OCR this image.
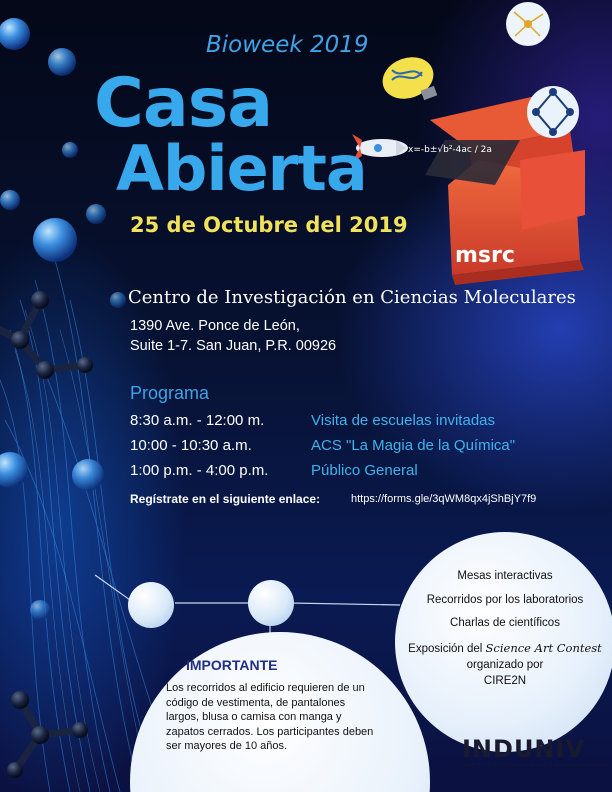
msrc
x=-b±√b²-4ac / 2a
Bioweek 2019
Casa
Abierta
25 de Octubre del 2019
Centro de Investigación en Ciencias Moleculares
1390 Ave. Ponce de León,
Suite 1-7. San Juan, P.R. 00926
Programa
8:30 a.m. - 12:00 m.	Visita de escuelas invitadas
10:00 - 10:30 a.m.	ACS "La Magia de la Química"
1:00 p.m. - 4:00 p.m.	Público General
Regístrate en el siguiente enlace:	https://forms.gle/3qWM8qx4jShBjY7f9
Mesas interactivas
Recorridos por los laboratorios
Charlas de científicos
Exposición del Science Art Contest organizado por
CIRE2N
IMPORTANTE
Los recorridos al edificio requieren de un código de vestimenta, de pantalones largos, blusa o camisa con manga y zapatos cerrados. Los participantes deben ser mayores de 10 años.	INDUNIV
INSTITUTO INTERDISCIPLINARIO Y MULTIDISCIPLINARIO
